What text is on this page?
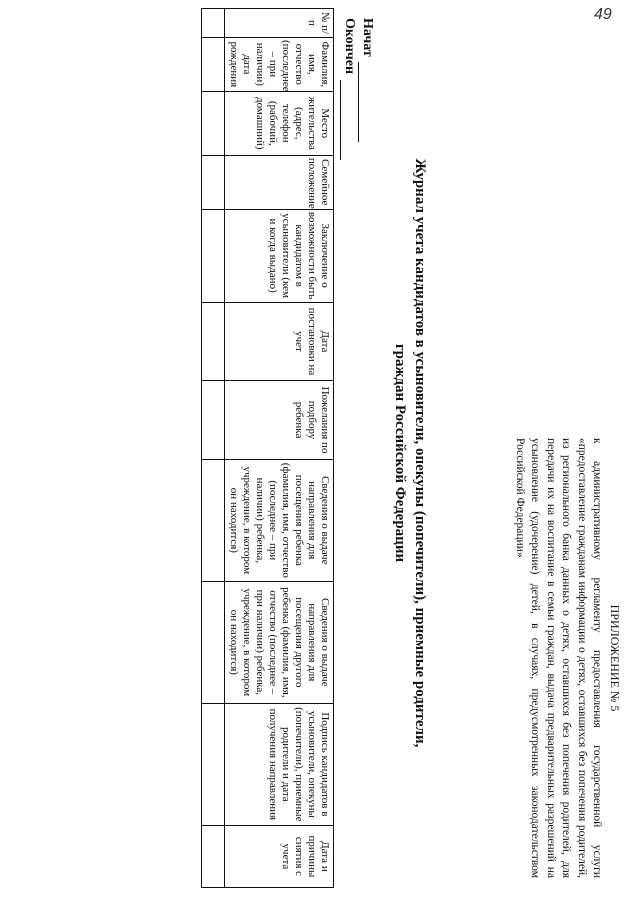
49
ПРИЛОЖЕНИЕ № 5
к административному регламенту предоставления государственной услуги «предоставление гражданам информации о детях, оставшихся без попечения родителей, из регионального банка данных о детях, оставшихся без попечения родителей, для передачи их на воспитание в семьи граждан, выдача предварительных разрешений на усыновление (удочерение) детей, в случаях, предусмотренных законодательством Российской Федерации»
Журнал учета кандидатов в усыновители, опекуны (попечители), приемные родители, граждан Российской Федерации
Начат
Окончен
№ п/п	Фамилия, имя, отчество (последнее – при наличии) дата рождения	Место жительства (адрес, телефон (рабочий, домашний)	Семейное положение	Заключение о возможности быть кандидатом в усыновители (кем и когда выдано)	Дата постановки на учет	Пожелания по подбору ребенка	Сведения о выдаче направления для посещения ребенка (фамилия, имя, отчество (последнее – при наличии) ребенка, учреждение, в котором он находится)	Сведения о выдаче направления для посещения другого ребенка (фамилия, имя, отчество (последнее – при наличии) ребенка, учреждение, в котором он находится)	Подпись кандидатов в усыновители, опекуны (попечители), приемные родители и дата получения направления	Дата и причины снятия с учета
